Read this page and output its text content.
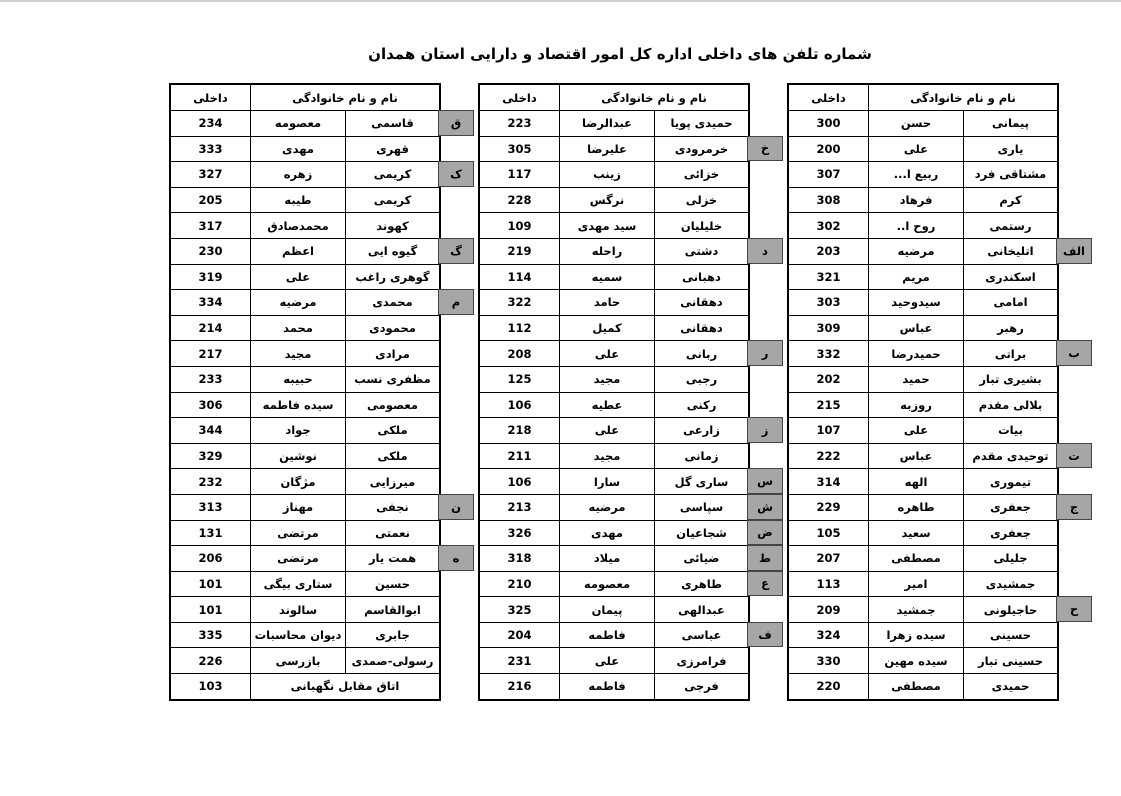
شماره تلفن های داخلی اداره کل امور اقتصاد و دارایی استان همدان
نام و نام خانوادگی
داخلی
پیمانی
حسن
300
یاری
علی
200
مشتاقی فرد
ربیع ا...
307
کرم
فرهاد
308
رستمی
روح ا..
302
اتلیخانی
مرضیه
203
اسکندری
مریم
321
امامی
سیدوحید
303
رهبر
عباس
309
براتی
حمیدرضا
332
بشیری تبار
حمید
202
بلالی مقدم
روزبه
215
بیات
علی
107
توحیدی مقدم
عباس
222
تیموری
الهه
314
جعفری
طاهره
229
جعفری
سعید
105
جلیلی
مصطفی
207
جمشیدی
امیر
113
حاجیلونی
جمشید
209
حسینی
سیده زهرا
324
حسینی تبار
سیده مهین
330
حمیدی
مصطفی
220
الف
ب
ت
ج
ح
نام و نام خانوادگی
داخلی
حمیدی پویا
عبدالرضا
223
خرمرودی
علیرضا
305
خزائی
زینب
117
خزلی
نرگس
228
خلیلیان
سید مهدی
109
دشتی
راحله
219
دهبانی
سمیه
114
دهقانی
حامد
322
دهقانی
کمیل
112
ربانی
علی
208
رجبی
مجید
125
رکنی
عطیه
106
زارعی
علی
218
زمانی
مجید
211
ساری گل
سارا
106
سپاسی
مرضیه
213
شجاعیان
مهدی
326
ضیائی
میلاد
318
طاهری
معصومه
210
عبدالهی
پیمان
325
عباسی
فاطمه
204
فرامرزی
علی
231
فرجی
فاطمه
216
خ
د
ر
ز
س
ش
ض
ط
ع
ف
نام و نام خانوادگی
داخلی
قاسمی
معصومه
234
قهری
مهدی
333
کریمی
زهره
327
کریمی
طیبه
205
کهوند
محمدصادق
317
گیوه ایی
اعظم
230
گوهری راغب
علی
319
محمدی
مرضیه
334
محمودی
محمد
214
مرادی
مجید
217
مظفری نسب
حبیبه
233
معصومی
سیده فاطمه
306
ملکی
جواد
344
ملکی
نوشین
329
میرزایی
مژگان
232
نجفی
مهناز
313
نعمتی
مرتضی
131
همت یار
مرتضی
206
حسین
ستاری بیگی
101
ابوالقاسم
سالوند
101
جابری
دیوان محاسبات
335
رسولی-صمدی
بازرسی
226
اتاق مقابل نگهبانی
103
ق
ک
گ
م
ن
ه
